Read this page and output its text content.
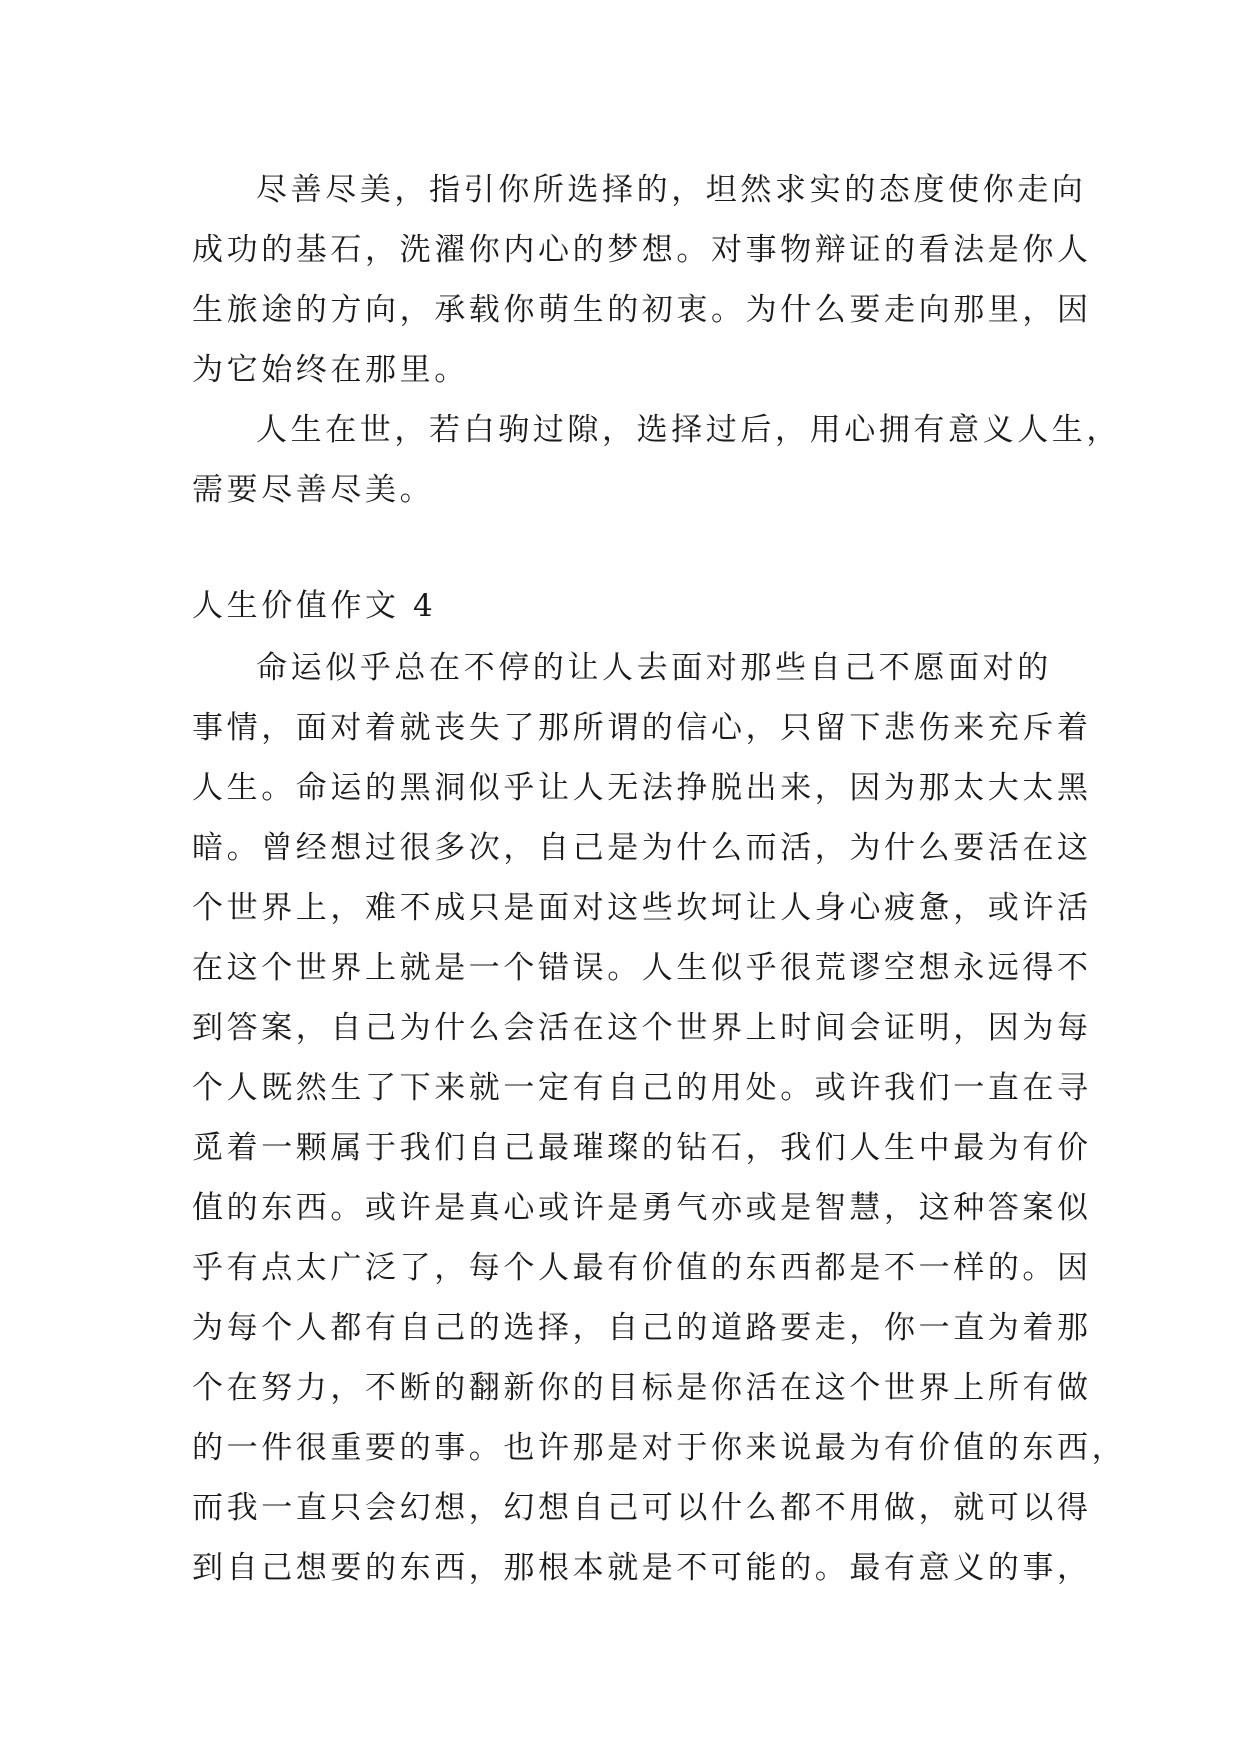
尽善尽美，指引你所选择的，坦然求实的态度使你走向
成功的基石，洗濯你内心的梦想。对事物辩证的看法是你人
生旅途的方向，承载你萌生的初衷。为什么要走向那里，因
为它始终在那里。
人生在世，若白驹过隙，选择过后，用心拥有意义人生，
需要尽善尽美。
人生价值作文 4
命运似乎总在不停的让人去面对那些自己不愿面对的
事情，面对着就丧失了那所谓的信心，只留下悲伤来充斥着
人生。命运的黑洞似乎让人无法挣脱出来，因为那太大太黑
暗。曾经想过很多次，自己是为什么而活，为什么要活在这
个世界上，难不成只是面对这些坎坷让人身心疲惫，或许活
在这个世界上就是一个错误。人生似乎很荒谬空想永远得不
到答案，自己为什么会活在这个世界上时间会证明，因为每
个人既然生了下来就一定有自己的用处。或许我们一直在寻
觅着一颗属于我们自己最璀璨的钻石，我们人生中最为有价
值的东西。或许是真心或许是勇气亦或是智慧，这种答案似
乎有点太广泛了，每个人最有价值的东西都是不一样的。因
为每个人都有自己的选择，自己的道路要走，你一直为着那
个在努力，不断的翻新你的目标是你活在这个世界上所有做
的一件很重要的事。也许那是对于你来说最为有价值的东西，
而我一直只会幻想，幻想自己可以什么都不用做，就可以得
到自己想要的东西，那根本就是不可能的。最有意义的事，
